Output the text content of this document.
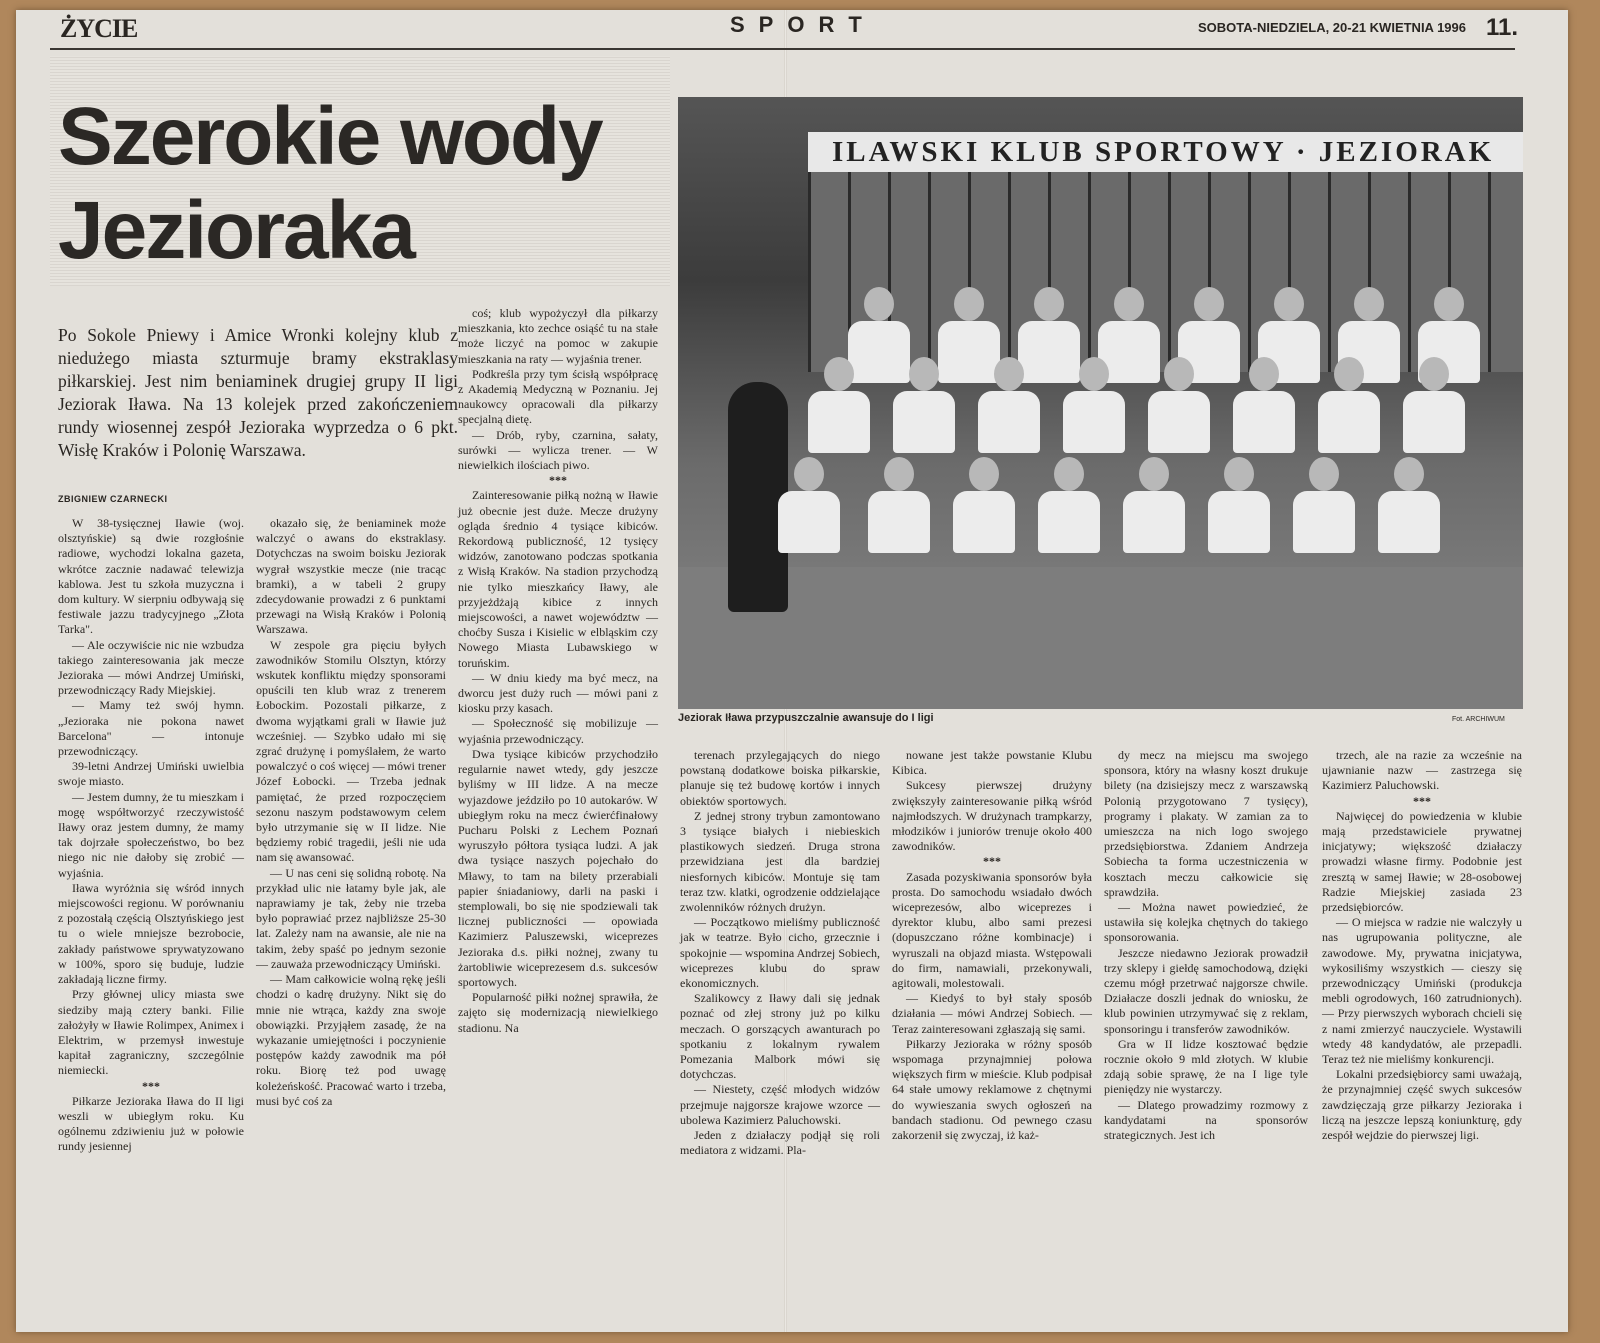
ŻYCIE	SPORT	SOBOTA-NIEDZIELA, 20-21 KWIETNIA 1996 11.
Szerokie wody
Jezioraka

Po Sokole Pniewy i Amice Wronki kolejny klub z niedużego miasta szturmuje bramy ekstraklasy piłkarskiej. Jest nim beniaminek drugiej grupy II ligi Jeziorak Iława. Na 13 kolejek przed zakończeniem rundy wiosennej zespół Jezioraka wyprzedza o 6 pkt. Wisłę Kraków i Polonię Warszawa.

ZBIGNIEW CZARNECKI

W 38-tysięcznej Iławie (woj. olsztyńskie) są dwie rozgłośnie radiowe, wychodzi lokalna gazeta, wkrótce zacznie nadawać telewizja kablowa. Jest tu szkoła muzyczna i dom kultury. W sierpniu odbywają się festiwale jazzu tradycyjnego „Złota Tarka".

— Ale oczywiście nic nie wzbudza takiego zainteresowania jak mecze Jezioraka — mówi Andrzej Umiński, przewodniczący Rady Miejskiej.

— Mamy też swój hymn. „Jezioraka nie pokona nawet Barcelona" — intonuje przewodniczący.

39-letni Andrzej Umiński uwielbia swoje miasto.

— Jestem dumny, że tu mieszkam i mogę współtworzyć rzeczywistość Iławy oraz jestem dumny, że mamy tak dojrzałe społeczeństwo, bo bez niego nic nie dałoby się zrobić — wyjaśnia.

Iława wyróżnia się wśród innych miejscowości regionu. W porównaniu z pozostałą częścią Olsztyńskiego jest tu o wiele mniejsze bezrobocie, zakłady państwowe sprywatyzowano w 100%, sporo się buduje, ludzie zakładają liczne firmy.

Przy głównej ulicy miasta swe siedziby mają cztery banki. Filie założyły w Iławie Rolimpex, Animex i Elektrim, w przemysł inwestuje kapitał zagraniczny, szczególnie niemiecki.

***

Piłkarze Jezioraka Iława do II ligi weszli w ubiegłym roku. Ku ogólnemu zdziwieniu już w połowie rundy jesiennej

okazało się, że beniaminek może walczyć o awans do ekstraklasy. Dotychczas na swoim boisku Jeziorak wygrał wszystkie mecze (nie tracąc bramki), a w tabeli 2 grupy zdecydowanie prowadzi z 6 punktami przewagi na Wisłą Kraków i Polonią Warszawa.

W zespole gra pięciu byłych zawodników Stomilu Olsztyn, którzy wskutek konfliktu między sponsorami opuścili ten klub wraz z trenerem Łobockim. Pozostali piłkarze, z dwoma wyjątkami grali w Iławie już wcześniej. — Szybko udało mi się zgrać drużynę i pomyślałem, że warto powalczyć o coś więcej — mówi trener Józef Łobocki. — Trzeba jednak pamiętać, że przed rozpoczęciem sezonu naszym podstawowym celem było utrzymanie się w II lidze. Nie będziemy robić tragedii, jeśli nie uda nam się awansować.

— U nas ceni się solidną robotę. Na przykład ulic nie łatamy byle jak, ale naprawiamy je tak, żeby nie trzeba było poprawiać przez najbliższe 25-30 lat. Zależy nam na awansie, ale nie na takim, żeby spaść po jednym sezonie — zauważa przewodniczący Umiński.

— Mam całkowicie wolną rękę jeśli chodzi o kadrę drużyny. Nikt się do mnie nie wtrąca, każdy zna swoje obowiązki. Przyjąłem zasadę, że na wykazanie umiejętności i poczynienie postępów każdy zawodnik ma pół roku. Biorę też pod uwagę koleżeńskość. Pracować warto i trzeba, musi być coś za

coś; klub wypożyczył dla piłkarzy mieszkania, kto zechce osiąść tu na stałe może liczyć na pomoc w zakupie mieszkania na raty — wyjaśnia trener.

Podkreśla przy tym ścisłą współpracę z Akademią Medyczną w Poznaniu. Jej naukowcy opracowali dla piłkarzy specjalną dietę.

— Drób, ryby, czarnina, sałaty, surówki — wylicza trener. — W niewielkich ilościach piwo.

***

Zainteresowanie piłką nożną w Iławie już obecnie jest duże. Mecze drużyny ogląda średnio 4 tysiące kibiców. Rekordową publiczność, 12 tysięcy widzów, zanotowano podczas spotkania z Wisłą Kraków. Na stadion przychodzą nie tylko mieszkańcy Iławy, ale przyjeżdżają kibice z innych miejscowości, a nawet województw — choćby Susza i Kisielic w elbląskim czy Nowego Miasta Lubawskiego w toruńskim.

— W dniu kiedy ma być mecz, na dworcu jest duży ruch — mówi pani z kiosku przy kasach.

— Społeczność się mobilizuje — wyjaśnia przewodniczący.

Dwa tysiące kibiców przychodziło regularnie nawet wtedy, gdy jeszcze byliśmy w III lidze. A na mecze wyjazdowe jeździło po 10 autokarów. W ubiegłym roku na mecz ćwierćfinałowy Pucharu Polski z Lechem Poznań wyruszyło półtora tysiąca ludzi. A jak dwa tysiące naszych pojechało do Mławy, to tam na bilety przerabiali papier śniadaniowy, darli na paski i stemplowali, bo się nie spodziewali tak licznej publiczności — opowiada Kazimierz Paluszewski, wiceprezes Jezioraka d.s. piłki nożnej, zwany tu żartobliwie wiceprezesem d.s. sukcesów sportowych.

Popularność piłki nożnej sprawiła, że zajęto się modernizacją niewielkiego stadionu. Na

terenach przylegających do niego powstaną dodatkowe boiska piłkarskie, planuje się też budowę kortów i innych obiektów sportowych.

Z jednej strony trybun zamontowano 3 tysiące białych i niebieskich plastikowych siedzeń. Druga strona przewidziana jest dla bardziej niesfornych kibiców. Montuje się tam teraz tzw. klatki, ogrodzenie oddzielające zwolenników różnych drużyn.

— Początkowo mieliśmy publiczność jak w teatrze. Było cicho, grzecznie i spokojnie — wspomina Andrzej Sobiech, wiceprezes klubu do spraw ekonomicznych.

Szalikowcy z Iławy dali się jednak poznać od złej strony już po kilku meczach. O gorszących awanturach po spotkaniu z lokalnym rywalem Pomezania Malbork mówi się dotychczas.

— Niestety, część młodych widzów przejmuje najgorsze krajowe wzorce — ubolewa Kazimierz Paluchowski.

Jeden z działaczy podjął się roli mediatora z widzami. Pla-

nowane jest także powstanie Klubu Kibica.

Sukcesy pierwszej drużyny zwiększyły zainteresowanie piłką wśród najmłodszych. W drużynach trampkarzy, młodzików i juniorów trenuje około 400 zawodników.

***

Zasada pozyskiwania sponsorów była prosta. Do samochodu wsiadało dwóch wiceprezesów, albo wiceprezes i dyrektor klubu, albo sami prezesi (dopuszczano różne kombinacje) i wyruszali na objazd miasta. Wstępowali do firm, namawiali, przekonywali, agitowali, molestowali.

— Kiedyś to był stały sposób działania — mówi Andrzej Sobiech. — Teraz zainteresowani zgłaszają się sami.

Piłkarzy Jezioraka w różny sposób wspomaga przynajmniej połowa większych firm w mieście. Klub podpisał 64 stałe umowy reklamowe z chętnymi do wywieszania swych ogłoszeń na bandach stadionu. Od pewnego czasu zakorzenił się zwyczaj, iż każ-

dy mecz na miejscu ma swojego sponsora, który na własny koszt drukuje bilety (na dzisiejszy mecz z warszawską Polonią przygotowano 7 tysięcy), programy i plakaty. W zamian za to umieszcza na nich logo swojego przedsiębiorstwa. Zdaniem Andrzeja Sobiecha ta forma uczestniczenia w kosztach meczu całkowicie się sprawdziła.

— Można nawet powiedzieć, że ustawiła się kolejka chętnych do takiego sponsorowania.

Jeszcze niedawno Jeziorak prowadził trzy sklepy i giełdę samochodową, dzięki czemu mógł przetrwać najgorsze chwile. Działacze doszli jednak do wniosku, że klub powinien utrzymywać się z reklam, sponsoringu i transferów zawodników.

Gra w II lidze kosztować będzie rocznie około 9 mld złotych. W klubie zdają sobie sprawę, że na I lige tyle pieniędzy nie wystarczy.

— Dlatego prowadzimy rozmowy z kandydatami na sponsorów strategicznych. Jest ich

trzech, ale na razie za wcześnie na ujawnianie nazw — zastrzega się Kazimierz Paluchowski.

***

Najwięcej do powiedzenia w klubie mają przedstawiciele prywatnej inicjatywy; większość działaczy prowadzi własne firmy. Podobnie jest zresztą w samej Iławie; w 28-osobowej Radzie Miejskiej zasiada 23 przedsiębiorców.

— O miejsca w radzie nie walczyły u nas ugrupowania polityczne, ale zawodowe. My, prywatna inicjatywa, wykosiliśmy wszystkich — cieszy się przewodniczący Umiński (produkcja mebli ogrodowych, 160 zatrudnionych). — Przy pierwszych wyborach chcieli się z nami zmierzyć nauczyciele. Wystawili wtedy 48 kandydatów, ale przepadli. Teraz też nie mieliśmy konkurencji.

Lokalni przedsiębiorcy sami uważają, że przynajmniej część swych sukcesów zawdzięczają grze piłkarzy Jezioraka i liczą na jeszcze lepszą koniunkturę, gdy zespół wejdzie do pierwszej ligi.

ILAWSKI KLUB SPORTOWY · JEZIORAK
Jeziorak Iława przypuszczalnie awansuje do I ligi	Fot. ARCHIWUM
